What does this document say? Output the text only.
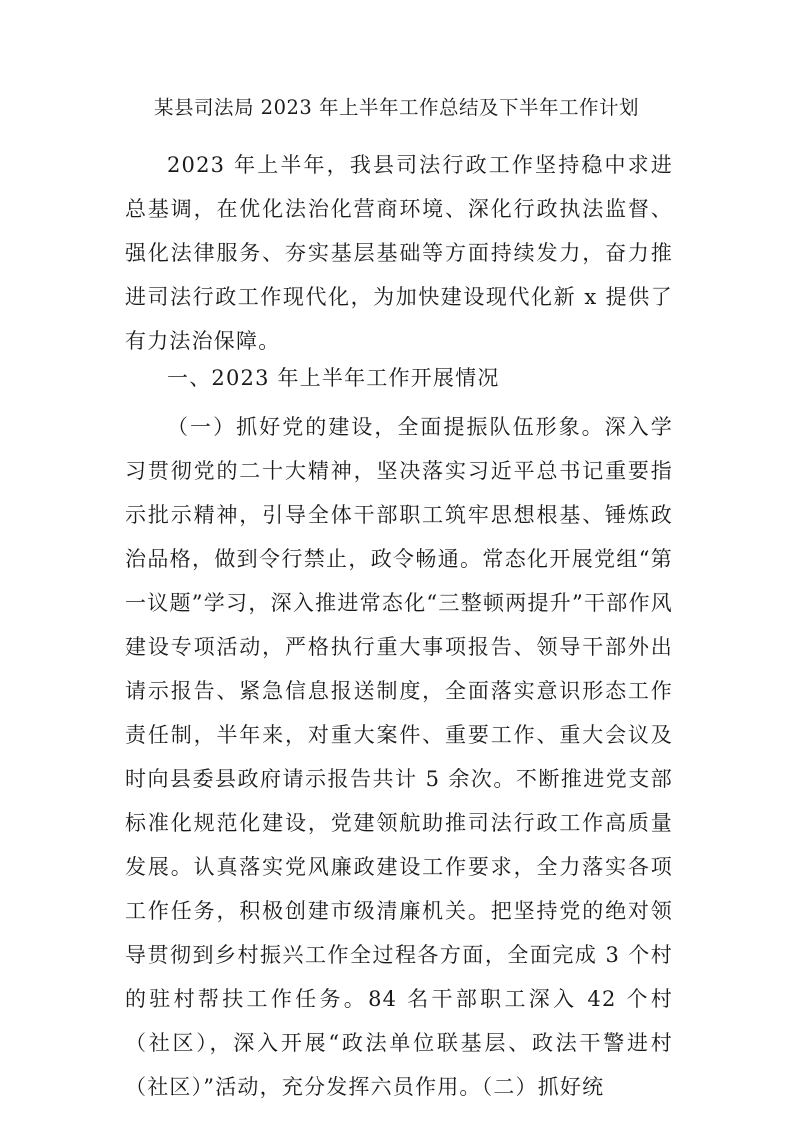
某县司法局 2023 年上半年工作总结及下半年工作计划

2023 年上半年，我县司法行政工作坚持稳中求进总基调，在优化法治化营商环境、深化行政执法监督、强化法律服务、夯实基层基础等方面持续发力，奋力推进司法行政工作现代化，为加快建设现代化新 x 提供了有力法治保障。

一、2023 年上半年工作开展情况

（一）抓好党的建设，全面提振队伍形象。深入学习贯彻党的二十大精神，坚决落实习近平总书记重要指示批示精神，引导全体干部职工筑牢思想根基、锤炼政治品格，做到令行禁止，政令畅通。常态化开展党组“第一议题”学习，深入推进常态化“三整顿两提升”干部作风建设专项活动，严格执行重大事项报告、领导干部外出请示报告、紧急信息报送制度，全面落实意识形态工作责任制，半年来，对重大案件、重要工作、重大会议及时向县委县政府请示报告共计 5 余次。不断推进党支部标准化规范化建设，党建领航助推司法行政工作高质量发展。认真落实党风廉政建设工作要求，全力落实各项工作任务，积极创建市级清廉机关。把坚持党的绝对领导贯彻到乡村振兴工作全过程各方面，全面完成 3 个村的驻村帮扶工作任务。84 名干部职工深入 42 个村（社区），深入开展“政法单位联基层、政法干警进村（社区）”活动，充分发挥六员作用。（二）抓好统
